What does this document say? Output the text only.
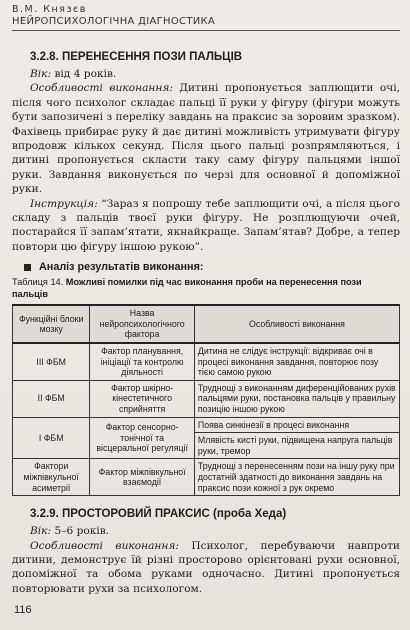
В.М. Князєв
НЕЙРОПСИХОЛОГІЧНА ДІАГНОСТИКА
3.2.8. ПЕРЕНЕСЕННЯ ПОЗИ ПАЛЬЦІВ

Вік: від 4 років.

Особливості виконання: Дитині пропонується заплющити очі, після чого психолог складає пальці її руки у фігуру (фігури можуть бути запозичені з переліку завдань на праксис за зоровим зразком). Фахівець прибирає руку й дає дитині можливість утримувати фігуру впродовж кількох секунд. Після цього пальці розпрямляються, і дитині пропонується скласти таку саму фігуру пальцями іншої руки. Завдання виконується по черзі для основної й допоміжної руки.

Інструкція: “Зараз я попрошу тебе заплющити очі, а після цього складу з пальців твоєї руки фігуру. Не розплющуючи очей, постарайся її запам’ятати, якнайкраще. Запам’ятав? Добре, а тепер повтори цю фігуру іншою рукою”.

Аналіз результатів виконання:
Таблиця 14. Можливі помилки під час виконання проби на перенесення пози пальців
Функційні блоки мозку	Назва нейропсихологічного фактора	Особливості виконання
III ФБМ	Фактор планування, ініціації та контролю діяльності	Дитина не слідує інструкції: відкриває очі в процесі виконання завдання, повторює позу тією самою рукою
II ФБМ	Фактор шкірно-кінестетичного сприйняття	Труднощі з виконанням диференційованих рухів пальцями руки, постановка пальців у правильну позицію іншою рукою
I ФБМ	Фактор сенсорно-тонічної та вісцеральної регуляції	Поява синкінезії в процесі виконання
		Млявість кисті руки, підвищена напруга пальців руки, тремор
Фактори міжпівкульної асиметрії	Фактор міжпівкульної взаємодії	Труднощі з перенесенням пози на іншу руку при достатній здатності до виконання завдань на праксис пози кожної з рук окремо
3.2.9. ПРОСТОРОВИЙ ПРАКСИС (проба Хеда)

Вік: 5–6 років.

Особливості виконання: Психолог, перебуваючи навпроти дитини, демонструє їй різні просторово орієнтовані рухи основної, допоміжної та обома руками одночасно. Дитині пропонується повторювати рухи за психологом.

116
